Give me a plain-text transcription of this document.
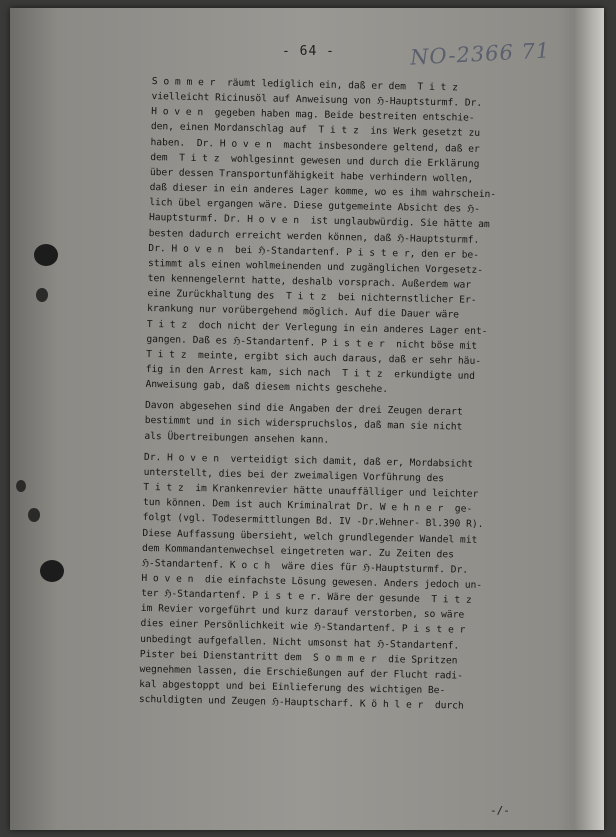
- 64 -	NO-2366 71

S o m m e r  räumt lediglich ein, daß er dem  T i t z
vielleicht Ricinusöl auf Anweisung von ℌ-Hauptsturmf. Dr.
H o v e n  gegeben haben mag. Beide bestreiten entschie-
den, einen Mordanschlag auf  T i t z  ins Werk gesetzt zu
haben.  Dr. H o v e n  macht insbesondere geltend, daß er
dem  T i t z  wohlgesinnt gewesen und durch die Erklärung
über dessen Transportunfähigkeit habe verhindern wollen,
daß dieser in ein anderes Lager komme, wo es ihm wahrschein-
lich übel ergangen wäre. Diese gutgemeinte Absicht des ℌ-
Hauptsturmf. Dr. H o v e n  ist unglaubwürdig. Sie hätte am
besten dadurch erreicht werden können, daß ℌ-Hauptsturmf.
Dr. H o v e n  bei ℌ-Standartenf. P i s t e r, den er be-
stimmt als einen wohlmeinenden und zugänglichen Vorgesetz-
ten kennengelernt hatte, deshalb vorsprach. Außerdem war
eine Zurückhaltung des  T i t z  bei nichternstlicher Er-
krankung nur vorübergehend möglich. Auf die Dauer wäre
T i t z  doch nicht der Verlegung in ein anderes Lager ent-
gangen. Daß es ℌ-Standartenf. P i s t e r  nicht böse mit
T i t z  meinte, ergibt sich auch daraus, daß er sehr häu-
fig in den Arrest kam, sich nach  T i t z  erkundigte und
Anweisung gab, daß diesem nichts geschehe.

Davon abgesehen sind die Angaben der drei Zeugen derart
bestimmt und in sich widerspruchslos, daß man sie nicht
als Übertreibungen ansehen kann.

Dr. H o v e n  verteidigt sich damit, daß er, Mordabsicht
unterstellt, dies bei der zweimaligen Vorführung des
T i t z  im Krankenrevier hätte unauffälliger und leichter
tun können. Dem ist auch Kriminalrat Dr. W e h n e r  ge-
folgt (vgl. Todesermittlungen Bd. IV -Dr.Wehner- Bl.390 R).
Diese Auffassung übersieht, welch grundlegender Wandel mit
dem Kommandantenwechsel eingetreten war. Zu Zeiten des
ℌ-Standartenf. K o c h  wäre dies für ℌ-Hauptsturmf. Dr.
H o v e n  die einfachste Lösung gewesen. Anders jedoch un-
ter ℌ-Standartenf. P i s t e r. Wäre der gesunde  T i t z
im Revier vorgeführt und kurz darauf verstorben, so wäre
dies einer Persönlichkeit wie ℌ-Standartenf. P i s t e r
unbedingt aufgefallen. Nicht umsonst hat ℌ-Standartenf.
Pister bei Dienstantritt dem  S o m m e r  die Spritzen
wegnehmen lassen, die Erschießungen auf der Flucht radi-
kal abgestoppt und bei Einlieferung des wichtigen Be-
schuldigten und Zeugen ℌ-Hauptscharf. K ö h l e r  durch

-/-
